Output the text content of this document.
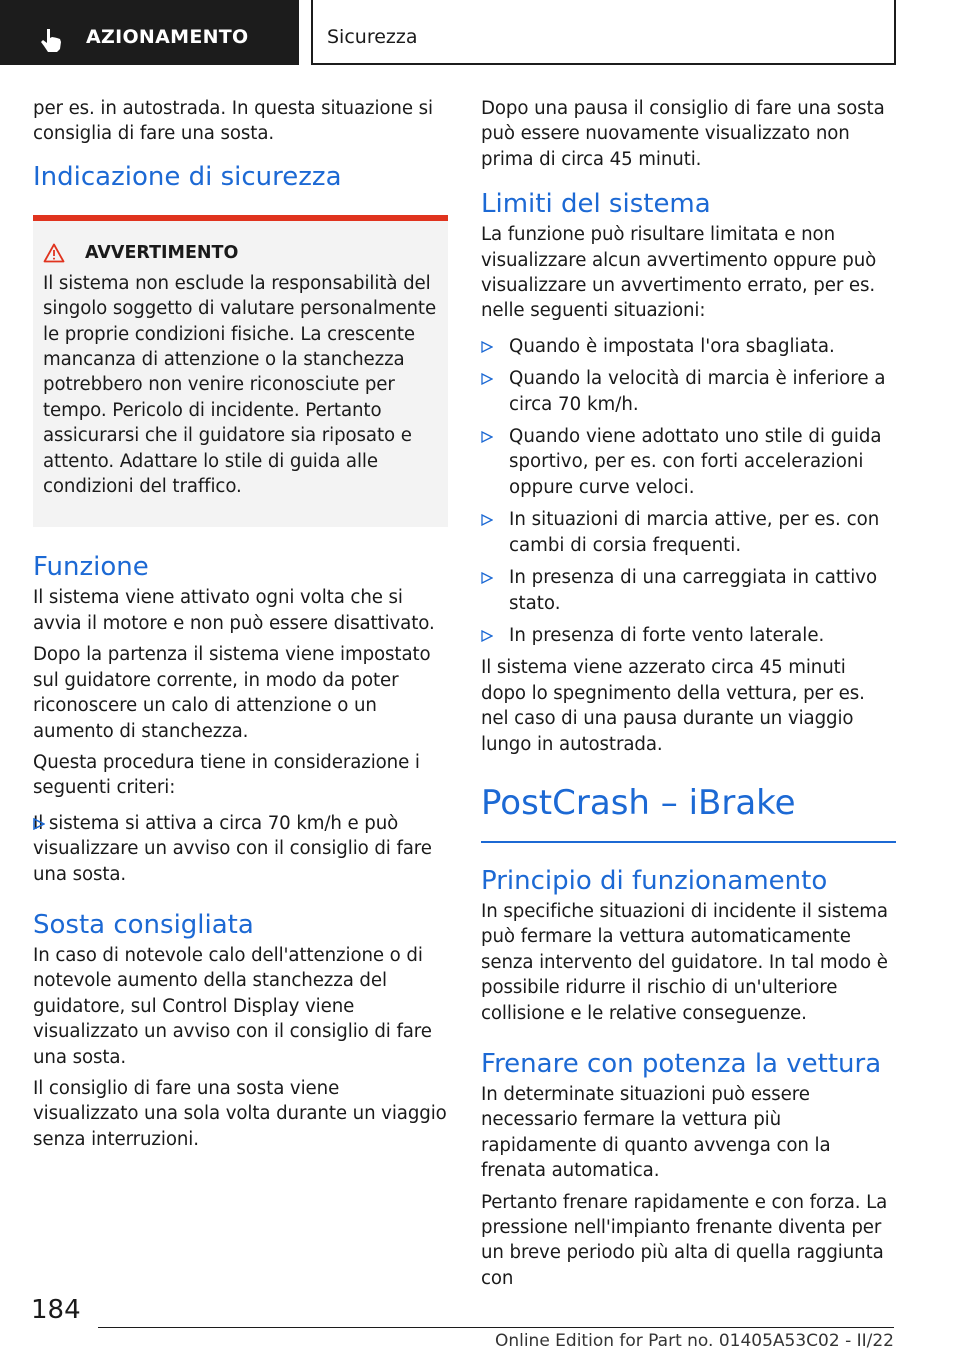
AZIONAMENTO	Sicurezza

per es. in autostrada. In questa situazione si consiglia di fare una sosta.

Indicazione di sicurezza
AVVERTIMENTO

Il sistema non esclude la responsabilità del singolo soggetto di valutare personalmente le proprie condizioni fisiche. La crescente mancanza di attenzione o la stanchezza potrebbero non venire riconosciute per tempo. Pericolo di incidente. Pertanto assicurarsi che il guidatore sia riposato e attento. Adattare lo stile di guida alle condizioni del traffico.

Funzione

Il sistema viene attivato ogni volta che si avvia il motore e non può essere disattivato.

Dopo la partenza il sistema viene impostato sul guidatore corrente, in modo da poter riconoscere un calo di attenzione o un aumento di stanchezza.

Questa procedura tiene in considerazione i seguenti criteri:

Il sistema si attiva a circa 70 km/h e può visualizzare un avviso con il consiglio di fare una sosta.

Sosta consigliata

In caso di notevole calo dell'attenzione o di notevole aumento della stanchezza del guidatore, sul Control Display viene visualizzato un avviso con il consiglio di fare una sosta.

Il consiglio di fare una sosta viene visualizzato una sola volta durante un viaggio senza interruzioni.

Dopo una pausa il consiglio di fare una sosta può essere nuovamente visualizzato non prima di circa 45 minuti.

Limiti del sistema

La funzione può risultare limitata e non visualizzare alcun avvertimento oppure può visualizzare un avvertimento errato, per es. nelle seguenti situazioni:

Quando è impostata l'ora sbagliata.
Quando la velocità di marcia è inferiore a circa 70 km/h.
Quando viene adottato uno stile di guida sportivo, per es. con forti accelerazioni oppure curve veloci.
In situazioni di marcia attive, per es. con cambi di corsia frequenti.
In presenza di una carreggiata in cattivo stato.
In presenza di forte vento laterale.

Il sistema viene azzerato circa 45 minuti dopo lo spegnimento della vettura, per es. nel caso di una pausa durante un viaggio lungo in autostrada.

PostCrash – iBrake
Principio di funzionamento

In specifiche situazioni di incidente il sistema può fermare la vettura automaticamente senza intervento del guidatore. In tal modo è possibile ridurre il rischio di un'ulteriore collisione e le relative conseguenze.

Frenare con potenza la vettura

In determinate situazioni può essere necessario fermare la vettura più rapidamente di quanto avvenga con la frenata automatica.

Pertanto frenare rapidamente e con forza. La pressione nell'impianto frenante diventa per un breve periodo più alta di quella raggiunta con

184
Online Edition for Part no. 01405A53C02 - II/22
